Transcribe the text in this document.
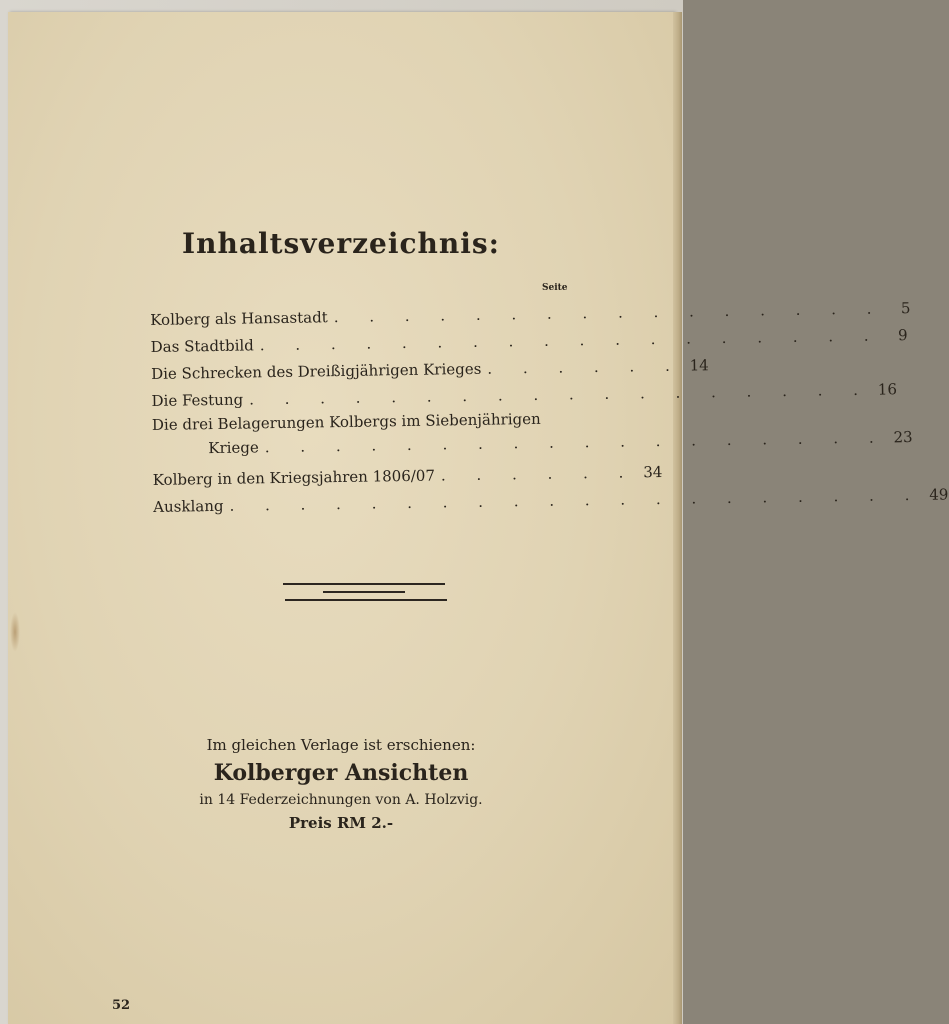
Inhaltsverzeichnis:
Seite
Kolberg als Hansastadt . . . . . . . . . . . . . . . .	5
Das Stadtbild . . . . . . . . . . . . . . . . . .	9
Die Schrecken des Dreißigjährigen Krieges . . . . . . 14
Die Festung . . . . . . . . . . . . . . . . . . 16
Die drei Belagerungen Kolbergs im Siebenjährigen
Kriege . . . . . . . . . . . . . . . . . . 23
Kolberg in den Kriegsjahren 1806/07 . . . . . . 34
Ausklang . . . . . . . . . . . . . . . . . . . . 49
Im gleichen Verlage ist erschienen:
Kolberger Ansichten
in 14 Federzeichnungen von A. Holzvig.
Preis RM 2.-
52
